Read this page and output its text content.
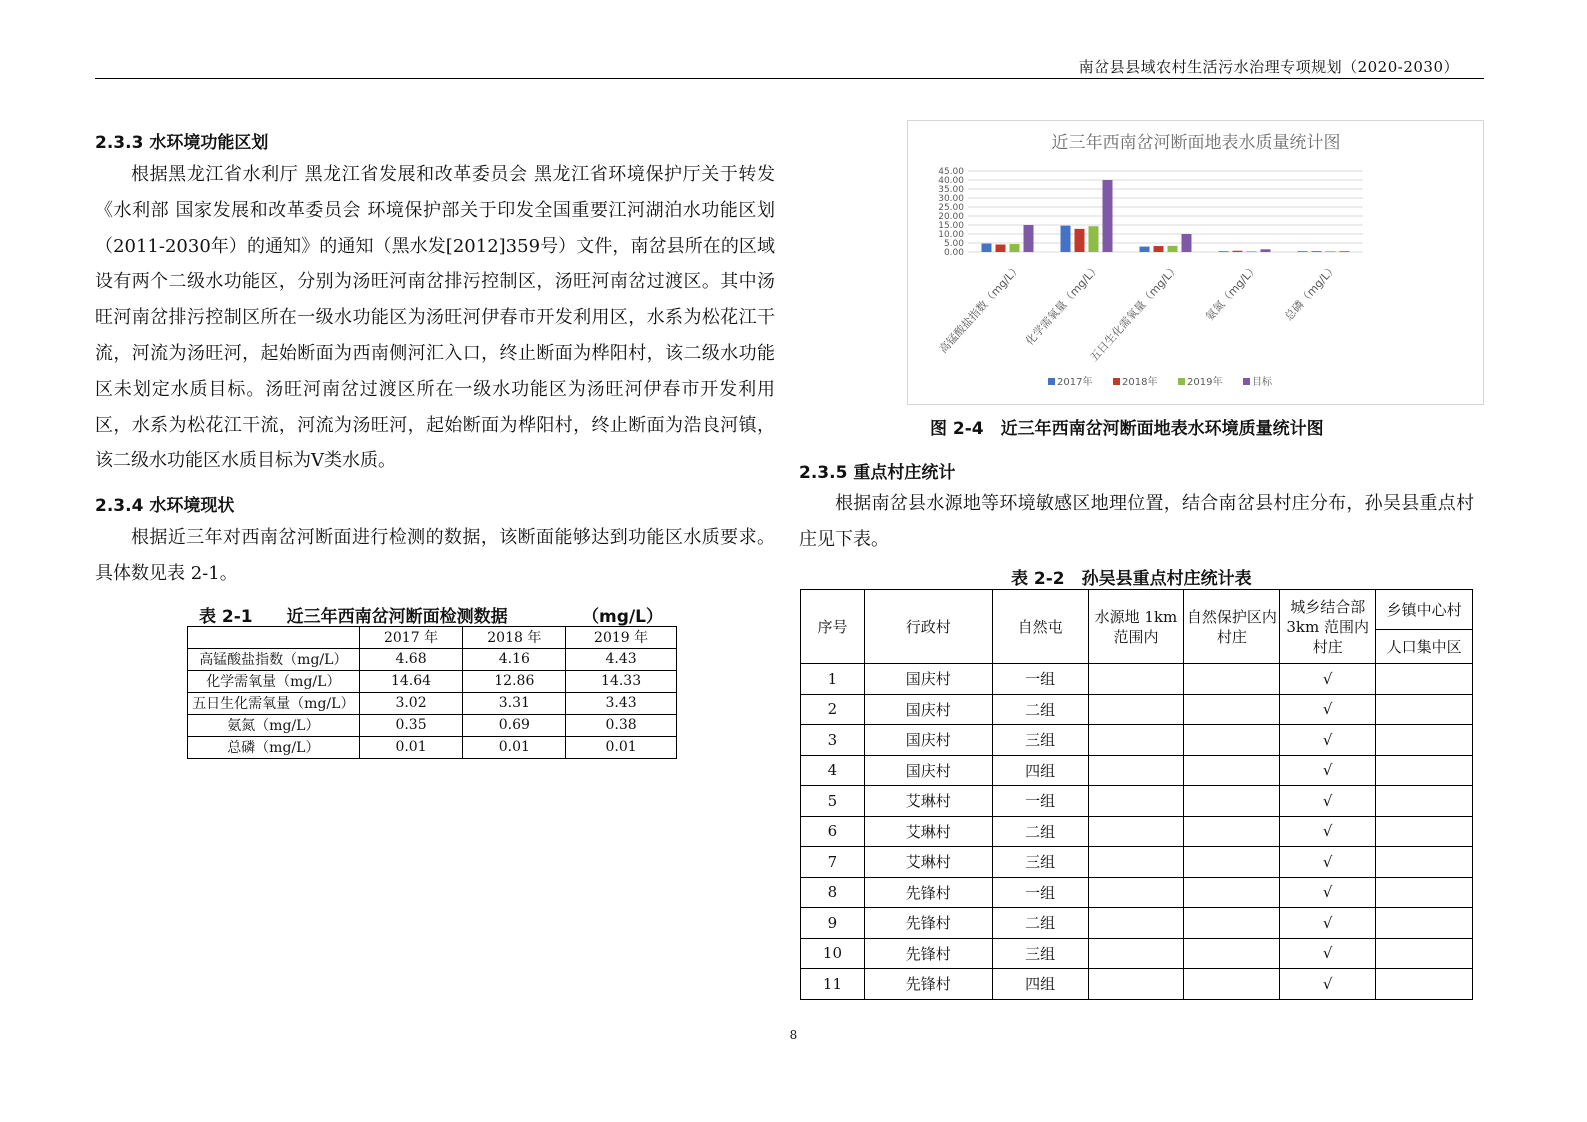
南岔县县域农村生活污水治理专项规划（2020-2030）
2.3.3 水环境功能区划

根据黑龙江省水利厅 黑龙江省发展和改革委员会 黑龙江省环境保护厅关于转发《水利部 国家发展和改革委员会 环境保护部关于印发全国重要江河湖泊水功能区划（2011-2030年）的通知》的通知（黑水发[2012]359号）文件，南岔县所在的区域设有两个二级水功能区，分别为汤旺河南岔排污控制区，汤旺河南岔过渡区。其中汤旺河南岔排污控制区所在一级水功能区为汤旺河伊春市开发利用区，水系为松花江干流，河流为汤旺河，起始断面为西南侧河汇入口，终止断面为桦阳村，该二级水功能区未划定水质目标。汤旺河南岔过渡区所在一级水功能区为汤旺河伊春市开发利用区，水系为松花江干流，河流为汤旺河，起始断面为桦阳村，终止断面为浩良河镇，该二级水功能区水质目标为Ⅴ类水质。

2.3.4 水环境现状

根据近三年对西南岔河断面进行检测的数据，该断面能够达到功能区水质要求。具体数见表 2-1。

表 2-1　　近三年西南岔河断面检测数据	（mg/L）
	2017 年	2018 年	2019 年
高锰酸盐指数（mg/L）	4.68	4.16	4.43
化学需氧量（mg/L）	14.64	12.86	14.33
五日生化需氧量（mg/L）	3.02	3.31	3.43
氨氮（mg/L）	0.35	0.69	0.38
总磷（mg/L）	0.01	0.01	0.01
近三年西南岔河断面地表水质量统计图
0.00
5.00
10.00
15.00
20.00
25.00
30.00
35.00
40.00
45.00
高锰酸盐指数（mg/L） 化学需氧量（mg/L）
五日生化需氧量（mg/L） 氨氮（mg/L） 总磷（mg/L）
2017年	2018年	2019年	目标
图 2-4　近三年西南岔河断面地表水环境质量统计图
2.3.5 重点村庄统计

根据南岔县水源地等环境敏感区地理位置，结合南岔县村庄分布，孙吴县重点村庄见下表。

表 2-2　孙吴县重点村庄统计表
序号	行政村	自然屯	水源地 1km范围内	自然保护区内村庄	城乡结合部3km 范围内村庄	乡镇中心村
						人口集中区
1	国庆村	一组			√	
2	国庆村	二组			√	
3	国庆村	三组			√	
4	国庆村	四组			√	
5	艾琳村	一组			√	
6	艾琳村	二组			√	
7	艾琳村	三组			√	
8	先锋村	一组			√	
9	先锋村	二组			√	
10	先锋村	三组			√	
11	先锋村	四组			√	
8
